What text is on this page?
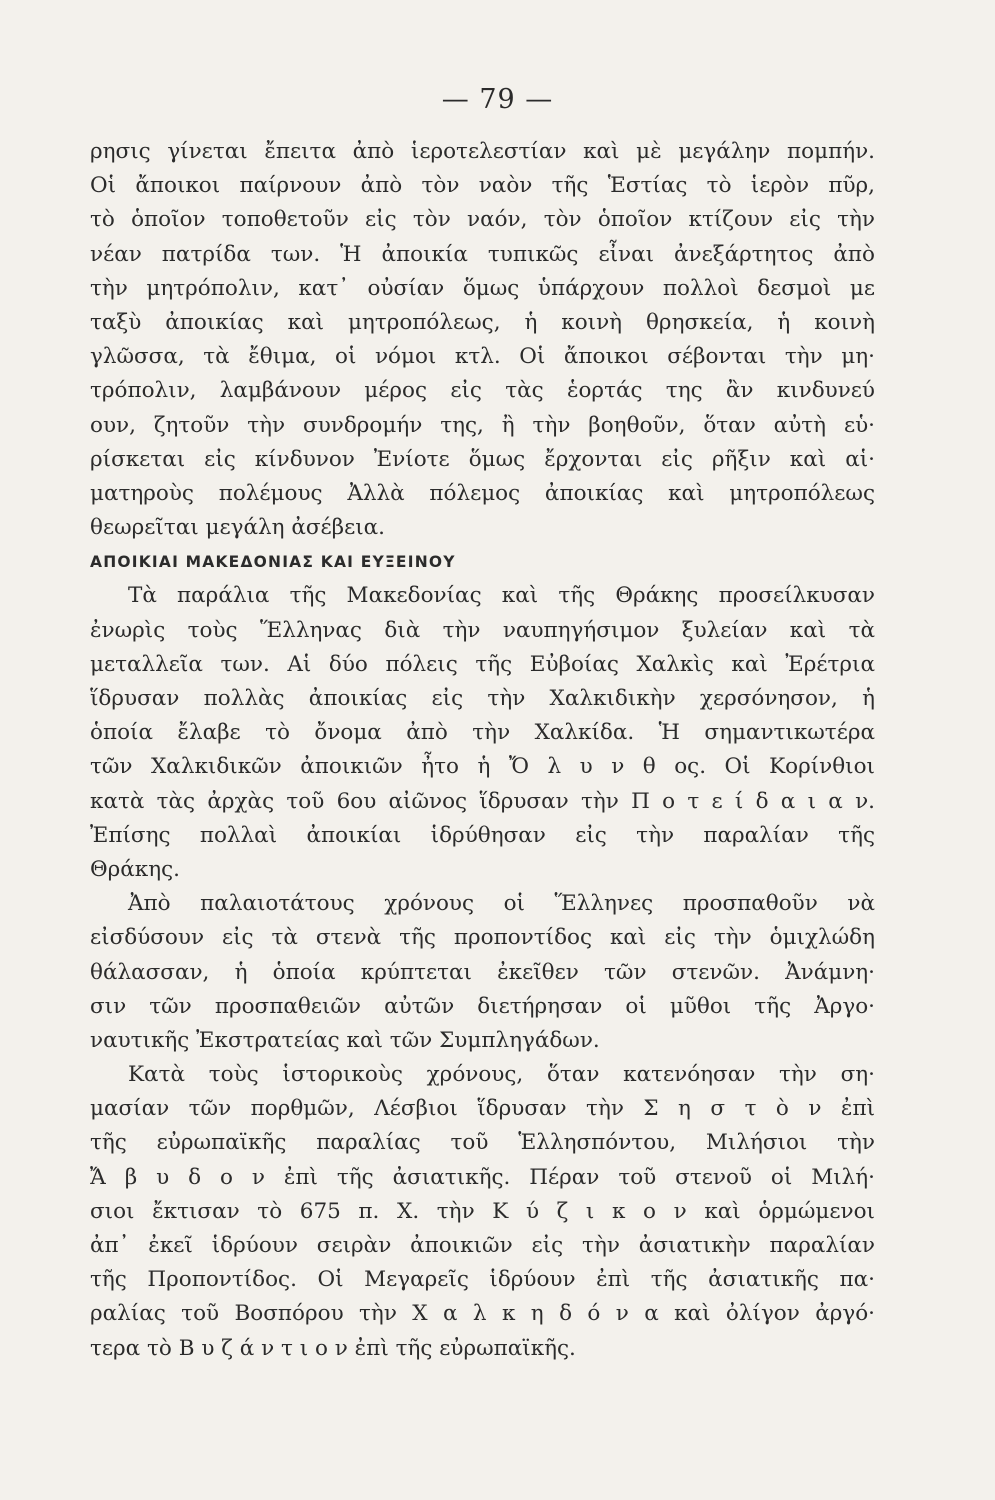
— 79 —
ρησις γίνεται ἔπειτα ἀπὸ ἱεροτελεστίαν καὶ μὲ μεγάλην πομπήν.
Οἱ ἄποικοι παίρνουν ἀπὸ τὸν ναὸν τῆς Ἑστίας τὸ ἱερὸν πῦρ,
τὸ ὁποῖον τοποθετοῦν εἰς τὸν ναόν, τὸν ὁποῖον κτίζουν εἰς τὴν
νέαν πατρίδα των. Ἡ ἀποικία τυπικῶς εἶναι ἀνεξάρτητος ἀπὸ
τὴν μητρόπολιν, κατ᾽ οὐσίαν ὅμως ὑπάρχουν πολλοὶ δεσμοὶ με
ταξὺ ἀποικίας καὶ μητροπόλεως, ἡ κοινὴ θρησκεία, ἡ κοινὴ
γλῶσσα, τὰ ἔθιμα, οἱ νόμοι κτλ. Οἱ ἄποικοι σέβονται τὴν μη·
τρόπολιν, λαμβάνουν μέρος εἰς τὰς ἑορτάς της ἂν κινδυνεύ
ουν, ζητοῦν τὴν συνδρομήν της, ἢ τὴν βοηθοῦν, ὅταν αὐτὴ εὑ·
ρίσκεται εἰς κίνδυνον Ἐνίοτε ὅμως ἔρχονται εἰς ρῆξιν καὶ αἱ·
ματηροὺς πολέμους Ἀλλὰ πόλεμος ἀποικίας καὶ μητροπόλεως
θεωρεῖται μεγάλη ἀσέβεια.
ΑΠΟΙΚΙΑΙ ΜΑΚΕΔΟΝΙΑΣ ΚΑΙ ΕΥΞΕΙΝΟΥ
Τὰ παράλια τῆς Μακεδονίας καὶ τῆς Θράκης προσείλκυσαν
ἐνωρὶς τοὺς Ἕλληνας διὰ τὴν ναυπηγήσιμον ξυλείαν καὶ τὰ
μεταλλεῖα των. Αἱ δύο πόλεις τῆς Εὐβοίας Χαλκὶς καὶ Ἐρέτρια
ἵδρυσαν πολλὰς ἀποικίας εἰς τὴν Χαλκιδικὴν χερσόνησον, ἡ
ὁποία ἔλαβε τὸ ὄνομα ἀπὸ τὴν Χαλκίδα. Ἡ σημαντικωτέρα
τῶν Χαλκιδικῶν ἀποικιῶν ἦτο ἡ Ὄ λ υ ν θ ος. Οἱ Κορίνθιοι
κατὰ τὰς ἀρχὰς τοῦ 6ου αἰῶνος ἵδρυσαν τὴν Π ο τ ε ί δ α ι α ν.
Ἐπίσης πολλαὶ ἀποικίαι ἱδρύθησαν εἰς τὴν παραλίαν τῆς
Θράκης.
Ἀπὸ παλαιοτάτους χρόνους οἱ Ἕλληνες προσπαθοῦν νὰ
εἰσδύσουν εἰς τὰ στενὰ τῆς προποντίδος καὶ εἰς τὴν ὁμιχλώδη
θάλασσαν, ἡ ὁποία κρύπτεται ἐκεῖθεν τῶν στενῶν. Ἀνάμνη·
σιν τῶν προσπαθειῶν αὐτῶν διετήρησαν οἱ μῦθοι τῆς Ἀργο·
ναυτικῆς Ἐκστρατείας καὶ τῶν Συμπληγάδων.
Κατὰ τοὺς ἱστορικοὺς χρόνους, ὅταν κατενόησαν τὴν ση·
μασίαν τῶν πορθμῶν, Λέσβιοι ἵδρυσαν τὴν Σ η σ τ ὸ ν ἐπὶ
τῆς εὐρωπαϊκῆς παραλίας τοῦ Ἑλλησπόντου, Μιλήσιοι τὴν
Ἄ β υ δ ο ν ἐπὶ τῆς ἀσιατικῆς. Πέραν τοῦ στενοῦ οἱ Μιλή·
σιοι ἔκτισαν τὸ 675 π. Χ. τὴν Κ ύ ζ ι κ ο ν καὶ ὁρμώμενοι
ἀπ᾽ ἐκεῖ ἱδρύουν σειρὰν ἀποικιῶν εἰς τὴν ἀσιατικὴν παραλίαν
τῆς Προποντίδος. Οἱ Μεγαρεῖς ἱδρύουν ἐπὶ τῆς ἀσιατικῆς πα·
ραλίας τοῦ Βοσπόρου τὴν Χ α λ κ η δ ό ν α καὶ ὀλίγον ἀργό·
τερα τὸ Β υ ζ ά ν τ ι ο ν ἐπὶ τῆς εὐρωπαϊκῆς.
